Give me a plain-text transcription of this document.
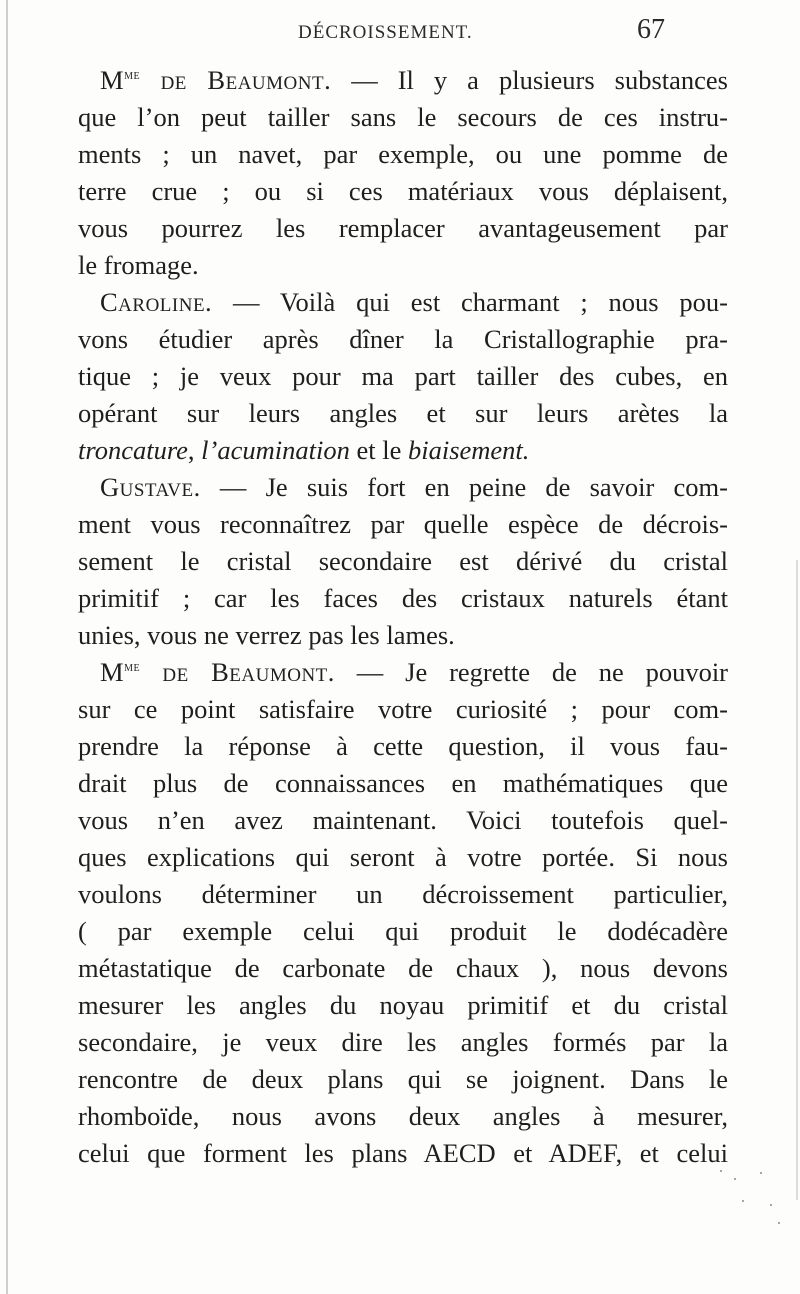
DÉCROISSEMENT.	67
$M^{me}$ de Beaumont. — Il y a plusieurs substances
que l’on peut tailler sans le secours de ces instru-
ments ; un navet, par exemple, ou une pomme de
terre crue ; ou si ces matériaux vous déplaisent,
vous pourrez les remplacer avantageusement par
le fromage.
Caroline. — Voilà qui est charmant ; nous pou-
vons étudier après dîner la Cristallographie pra-
tique ; je veux pour ma part tailler des cubes, en
opérant sur leurs angles et sur leurs arètes la
troncature, l’acumination et le biaisement.
Gustave. — Je suis fort en peine de savoir com-
ment vous reconnaîtrez par quelle espèce de décrois-
sement le cristal secondaire est dérivé du cristal
primitif ; car les faces des cristaux naturels étant
unies, vous ne verrez pas les lames.
$M^{me}$ de Beaumont. — Je regrette de ne pouvoir
sur ce point satisfaire votre curiosité ; pour com-
prendre la réponse à cette question, il vous fau-
drait plus de connaissances en mathématiques que
vous n’en avez maintenant. Voici toutefois quel-
ques explications qui seront à votre portée. Si nous
voulons déterminer un décroissement particulier,
( par exemple celui qui produit le dodécadère
métastatique de carbonate de chaux ), nous devons
mesurer les angles du noyau primitif et du cristal
secondaire, je veux dire les angles formés par la
rencontre de deux plans qui se joignent. Dans le
rhomboïde, nous avons deux angles à mesurer,
celui que forment les plans AECD et ADEF, et celui
